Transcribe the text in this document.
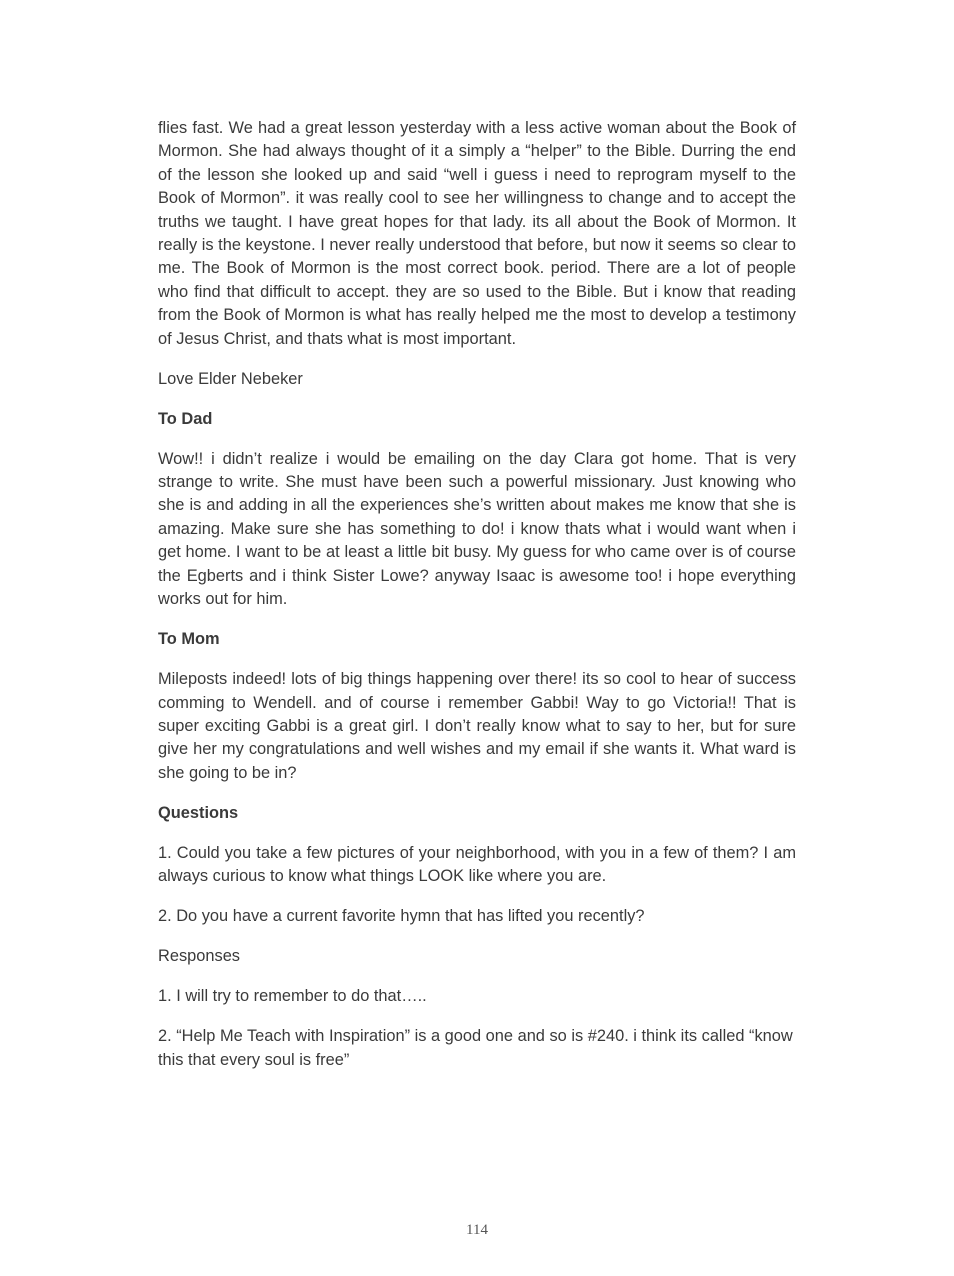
flies fast. We had a great lesson yesterday with a less active woman about the Book of Mormon. She had always thought of it a simply a “helper” to the Bible. Durring the end of the lesson she looked up and said “well i guess i need to reprogram myself to the Book of Mormon”. it was really cool to see her willingness to change and to accept the truths we taught. I have great hopes for that lady. its all about the Book of Mormon. It really is the keystone. I never really understood that before, but now it seems so clear to me. The Book of Mormon is the most correct book. period. There are a lot of people who find that difficult to accept. they are so used to the Bible. But i know that reading from the Book of Mormon is what has really helped me the most to develop a testimony of Jesus Christ, and thats what is most important.

Love Elder Nebeker

To Dad

Wow!! i didn’t realize i would be emailing on the day Clara got home. That is very strange to write. She must have been such a powerful missionary. Just knowing who she is and adding in all the experiences she’s written about makes me know that she is amazing. Make sure she has something to do! i know thats what i would want when i get home. I want to be at least a little bit busy. My guess for who came over is of course the Egberts and i think Sister Lowe? anyway Isaac is awesome too! i hope everything works out for him.

To Mom

Mileposts indeed! lots of big things happening over there! its so cool to hear of success comming to Wendell. and of course i remember Gabbi! Way to go Victoria!! That is super exciting Gabbi is a great girl. I don’t really know what to say to her, but for sure give her my congratulations and well wishes and my email if she wants it. What ward is she going to be in?

Questions

1. Could you take a few pictures of your neighborhood, with you in a few of them? I am always curious to know what things LOOK like where you are.

2. Do you have a current favorite hymn that has lifted you recently?

Responses

1. I will try to remember to do that…..

2. “Help Me Teach with Inspiration” is a good one and so is #240. i think its called “know this that every soul is free”

114
